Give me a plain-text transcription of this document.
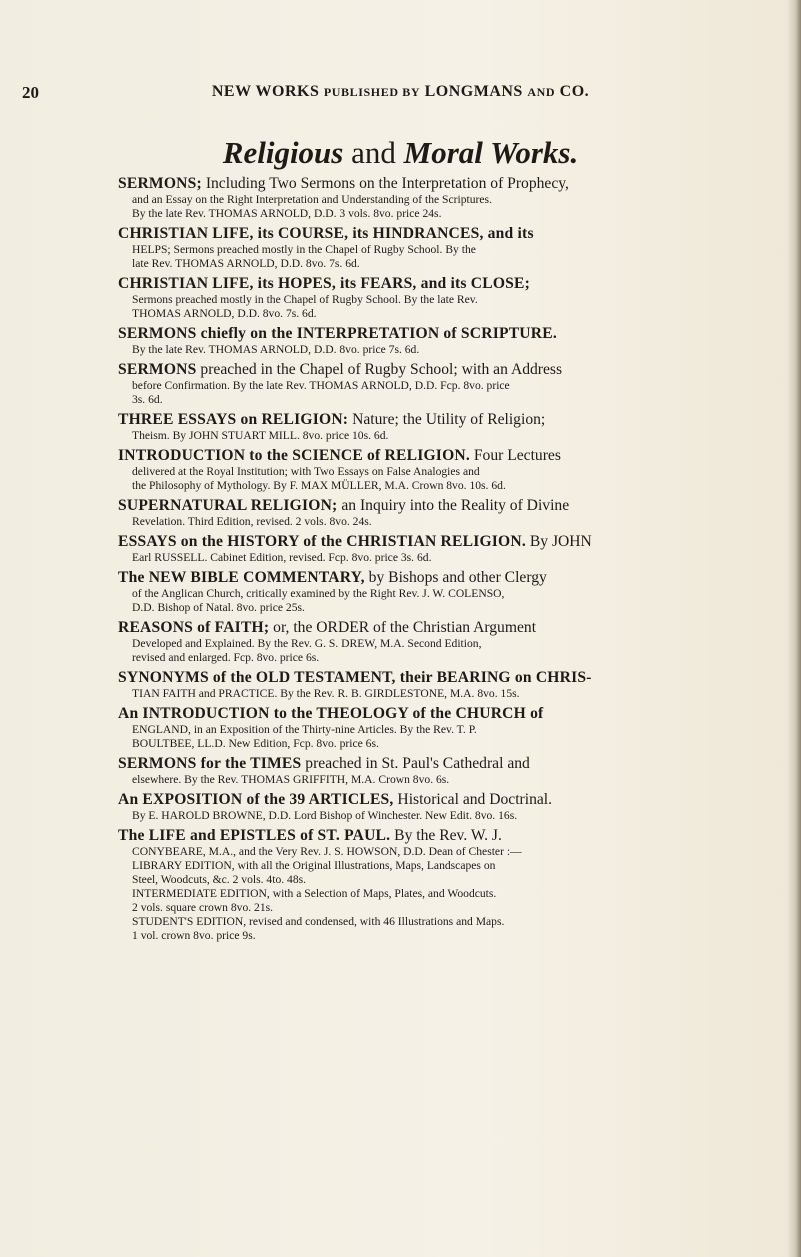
20	NEW WORKS PUBLISHED BY LONGMANS AND CO.
Religious and Moral Works.
SERMONS; Including Two Sermons on the Interpretation of Prophecy,
and an Essay on the Right Interpretation and Understanding of the Scriptures.
By the late Rev. THOMAS ARNOLD, D.D. 3 vols. 8vo. price 24s.
CHRISTIAN LIFE, its COURSE, its HINDRANCES, and its
HELPS; Sermons preached mostly in the Chapel of Rugby School. By the
late Rev. THOMAS ARNOLD, D.D. 8vo. 7s. 6d.
CHRISTIAN LIFE, its HOPES, its FEARS, and its CLOSE;
Sermons preached mostly in the Chapel of Rugby School. By the late Rev.
THOMAS ARNOLD, D.D. 8vo. 7s. 6d.
SERMONS chiefly on the INTERPRETATION of SCRIPTURE.
By the late Rev. THOMAS ARNOLD, D.D. 8vo. price 7s. 6d.
SERMONS preached in the Chapel of Rugby School; with an Address
before Confirmation. By the late Rev. THOMAS ARNOLD, D.D. Fcp. 8vo. price
3s. 6d.
THREE ESSAYS on RELIGION: Nature; the Utility of Religion;
Theism. By JOHN STUART MILL. 8vo. price 10s. 6d.
INTRODUCTION to the SCIENCE of RELIGION. Four Lectures
delivered at the Royal Institution; with Two Essays on False Analogies and
the Philosophy of Mythology. By F. MAX MÜLLER, M.A. Crown 8vo. 10s. 6d.
SUPERNATURAL RELIGION; an Inquiry into the Reality of Divine
Revelation. Third Edition, revised. 2 vols. 8vo. 24s.
ESSAYS on the HISTORY of the CHRISTIAN RELIGION. By JOHN
Earl RUSSELL. Cabinet Edition, revised. Fcp. 8vo. price 3s. 6d.
The NEW BIBLE COMMENTARY, by Bishops and other Clergy
of the Anglican Church, critically examined by the Right Rev. J. W. COLENSO,
D.D. Bishop of Natal. 8vo. price 25s.
REASONS of FAITH; or, the ORDER of the Christian Argument
Developed and Explained. By the Rev. G. S. DREW, M.A. Second Edition,
revised and enlarged. Fcp. 8vo. price 6s.
SYNONYMS of the OLD TESTAMENT, their BEARING on CHRIS-
TIAN FAITH and PRACTICE. By the Rev. R. B. GIRDLESTONE, M.A. 8vo. 15s.
An INTRODUCTION to the THEOLOGY of the CHURCH of
ENGLAND, in an Exposition of the Thirty-nine Articles. By the Rev. T. P.
BOULTBEE, LL.D. New Edition, Fcp. 8vo. price 6s.
SERMONS for the TIMES preached in St. Paul's Cathedral and
elsewhere. By the Rev. THOMAS GRIFFITH, M.A. Crown 8vo. 6s.
An EXPOSITION of the 39 ARTICLES, Historical and Doctrinal.
By E. HAROLD BROWNE, D.D. Lord Bishop of Winchester. New Edit. 8vo. 16s.
The LIFE and EPISTLES of ST. PAUL. By the Rev. W. J.
CONYBEARE, M.A., and the Very Rev. J. S. HOWSON, D.D. Dean of Chester :—
LIBRARY EDITION, with all the Original Illustrations, Maps, Landscapes on
Steel, Woodcuts, &c. 2 vols. 4to. 48s.
INTERMEDIATE EDITION, with a Selection of Maps, Plates, and Woodcuts.
2 vols. square crown 8vo. 21s.
STUDENT'S EDITION, revised and condensed, with 46 Illustrations and Maps.
1 vol. crown 8vo. price 9s.
